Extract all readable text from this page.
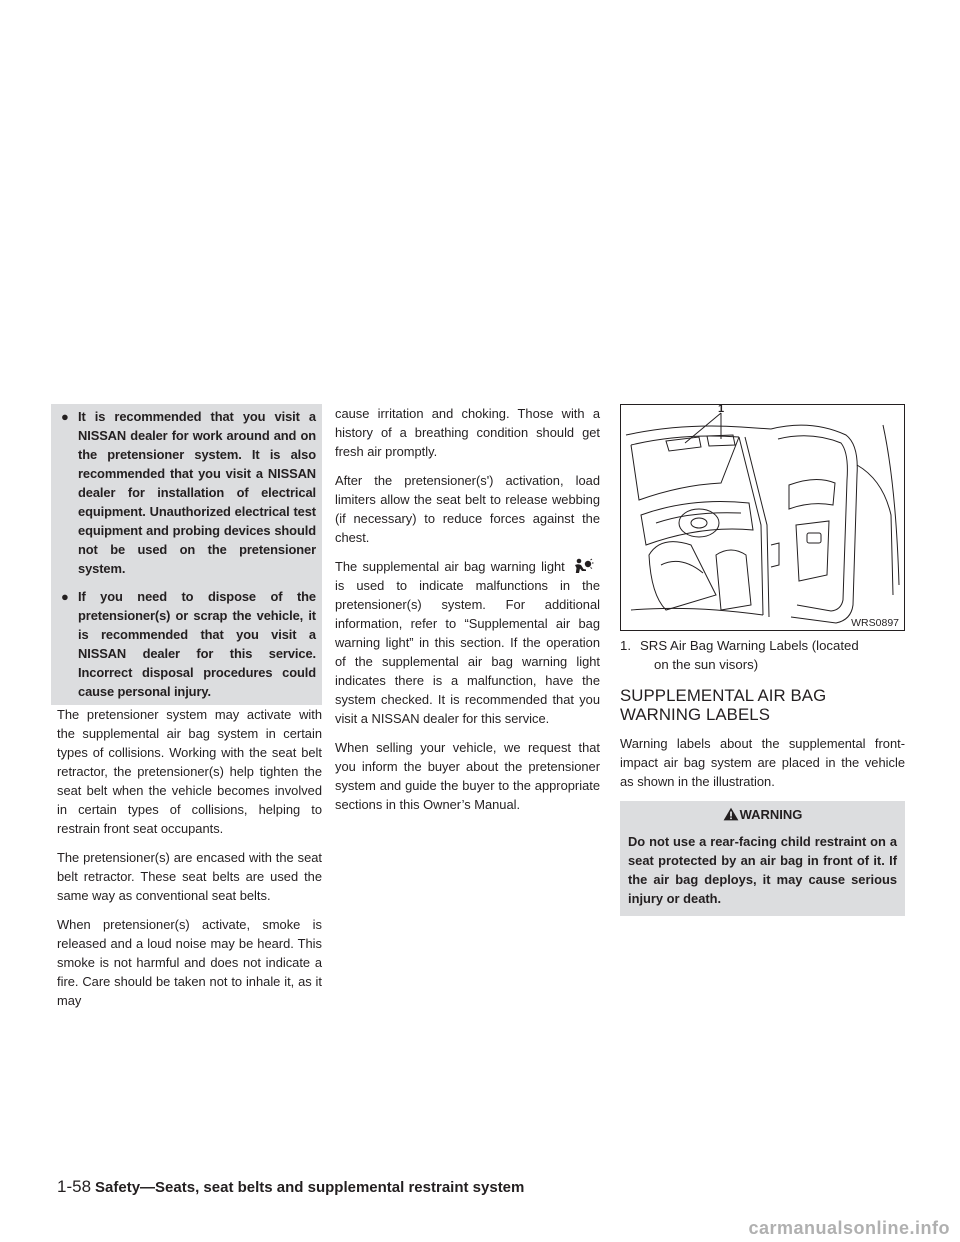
● It is recommended that you visit a NISSAN dealer for work around and on the pretensioner system. It is also recommended that you visit a NISSAN dealer for installation of electrical equipment. Unauthorized electrical test equipment and probing devices should not be used on the pretensioner system.
● If you need to dispose of the pretensioner(s) or scrap the vehicle, it is recommended that you visit a NISSAN dealer for this service. Incorrect disposal procedures could cause personal injury.

The pretensioner system may activate with the supplemental air bag system in certain types of collisions. Working with the seat belt retractor, the pretensioner(s) help tighten the seat belt when the vehicle becomes involved in certain types of collisions, helping to restrain front seat occupants.

The pretensioner(s) are encased with the seat belt retractor. These seat belts are used the same way as conventional seat belts.

When pretensioner(s) activate, smoke is released and a loud noise may be heard. This smoke is not harmful and does not indicate a fire. Care should be taken not to inhale it, as it may

cause irritation and choking. Those with a history of a breathing condition should get fresh air promptly.

After the pretensioner(s') activation, load limiters allow the seat belt to release webbing (if necessary) to reduce forces against the chest.

The supplemental air bag warning light  is used to indicate malfunctions in the pretensioner(s) system. For additional information, refer to “Supplemental air bag warning light” in this section. If the operation of the supplemental air bag warning light indicates there is a malfunction, have the system checked. It is recommended that you visit a NISSAN dealer for this service.

When selling your vehicle, we request that you inform the buyer about the pretensioner system and guide the buyer to the appropriate sections in this Owner’s Manual.

1
WRS0897
1. SRS Air Bag Warning Labels (located
on the sun visors)
SUPPLEMENTAL AIR BAG
WARNING LABELS

Warning labels about the supplemental front-impact air bag system are placed in the vehicle as shown in the illustration.

WARNING
Do not use a rear-facing child restraint on a seat protected by an air bag in front of it. If the air bag deploys, it may cause serious injury or death.
1-58 Safety—Seats, seat belts and supplemental restraint system
carmanualsonline.info
